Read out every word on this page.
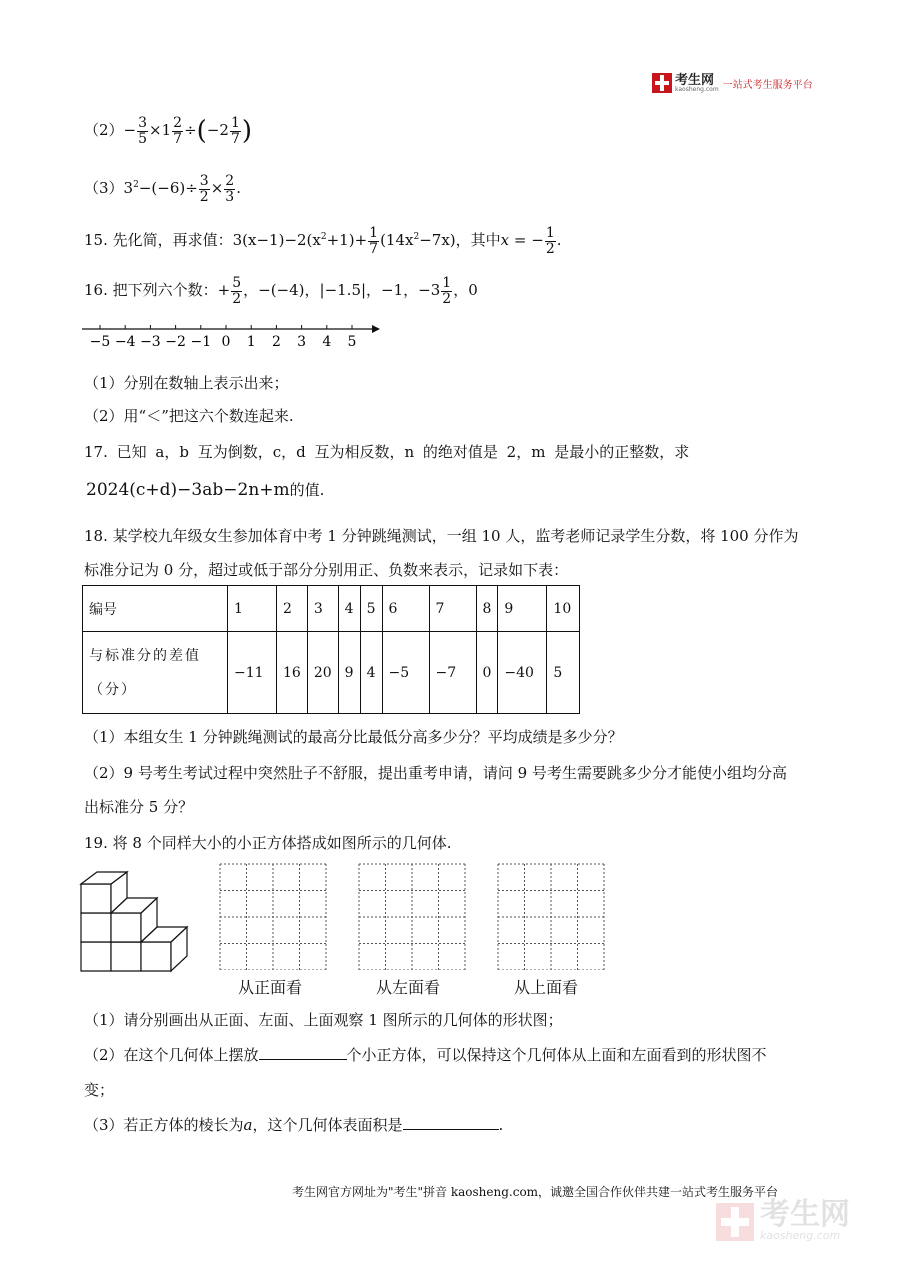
考生网
kaosheng.com 一站式考生服务平台
$(2)- \frac{3}{5} \times 1 \frac{2}{7} \div(-2 \frac{1}{7}$ )
$(3)3^2-(-6)\div \frac{3}{2} \times \frac{2}{3}$ .
15. 先化简，再求值：$3(x-1)-2(x^2+1)+ \frac{1}{7} (14x^2-7x)$，其中x = − $\frac{1}{2}$ .
16. 把下列六个数：+ $\frac{5}{2}$ ，−(−4)，|−1.5|，−1，$-3 \frac{1}{2}$ ，0
−5 −4 −3 −2 −1 0 1 2 3 4 5
（1）分别在数轴上表示出来；
（2）用“＜”把这六个数连起来.
17. 已知 a，b 互为倒数，c，d 互为相反数，n 的绝对值是 2，m 是最小的正整数，求
2024(c+d)−3ab−2n+m的值.
18. 某学校九年级女生参加体育中考 1 分钟跳绳测试，一组 10 人，监考老师记录学生分数，将 100 分作为
标准分记为 0 分，超过或低于部分分别用正、负数来表示，记录如下表：
编号	1	2	3	4	5	6	7	8	9	10
与标准分的差值
（分）	−11	16	20	9	4	−5	−7	0	−40	5
（1）本组女生 1 分钟跳绳测试的最高分比最低分高多少分？平均成绩是多少分？
（2）9 号考生考试过程中突然肚子不舒服，提出重考申请，请问 9 号考生需要跳多少分才能使小组均分高
出标准分 5 分？
19. 将 8 个同样大小的小正方体搭成如图所示的几何体.
从正面看	从左面看	从上面看
（1）请分别画出从正面、左面、上面观察 1 图所示的几何体的形状图；
（2）在这个几何体上摆放	个小正方体，可以保持这个几何体从上面和左面看到的形状图不
变；
（3）若正方体的棱长为a，这个几何体表面积是	.
考生网官方网址为"考生"拼音 kaosheng.com，诚邀全国合作伙伴共建一站式考生服务平台
考生网
kaosheng.com
